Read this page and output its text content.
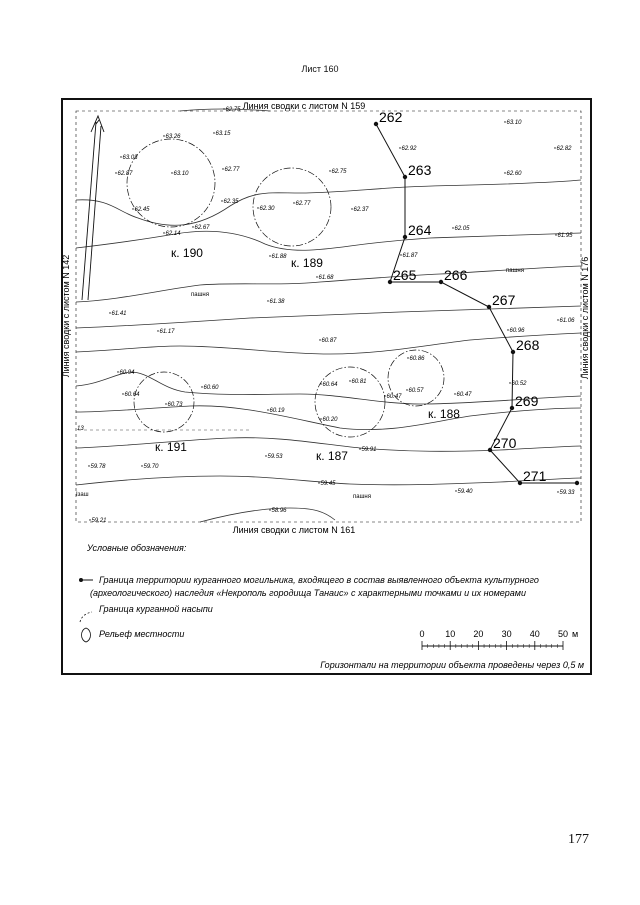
Лист 160
Линия сводки с листом N 159
Линия сводки с листом N 161
Линия сводки с листом N 142	Линия сводки с листом N 176
13
к. 190
к. 189
к. 191
к. 187
к. 188
62.75
63.10
63.26	63.15
62.92	62.82
63.03
62.87	63.10
62.77	62.75	62.60
62.35
62.30
62.77
62.37
62.45
62.14
62.67	62.05
61.95
61.88	61.87
61.68
61.38
61.41
61.06
61.17	60.96
60.87
60.86
60.94
60.81
60.64
60.60
60.52
60.64
60.57
60.47	60.47
60.73
60.19
60.20
59.91
59.53
59.78	59.70
59.45
59.40	59.33
58.96
59.21
пашня
пашня
пашня
Iзаш
262
263
264
265 266
267
268
269
270
271
Условные обозначения:
Граница территории курганного могильника, входящего в состав выявленного объекта культурного
(археологического) наследия «Некрополь городища Танаис» с характерными точками и их номерами
Граница курганной насыпи
Рельеф местности	0 10 20 30 40 50 м
Горизонтали на территории объекта проведены через 0,5 м
177
